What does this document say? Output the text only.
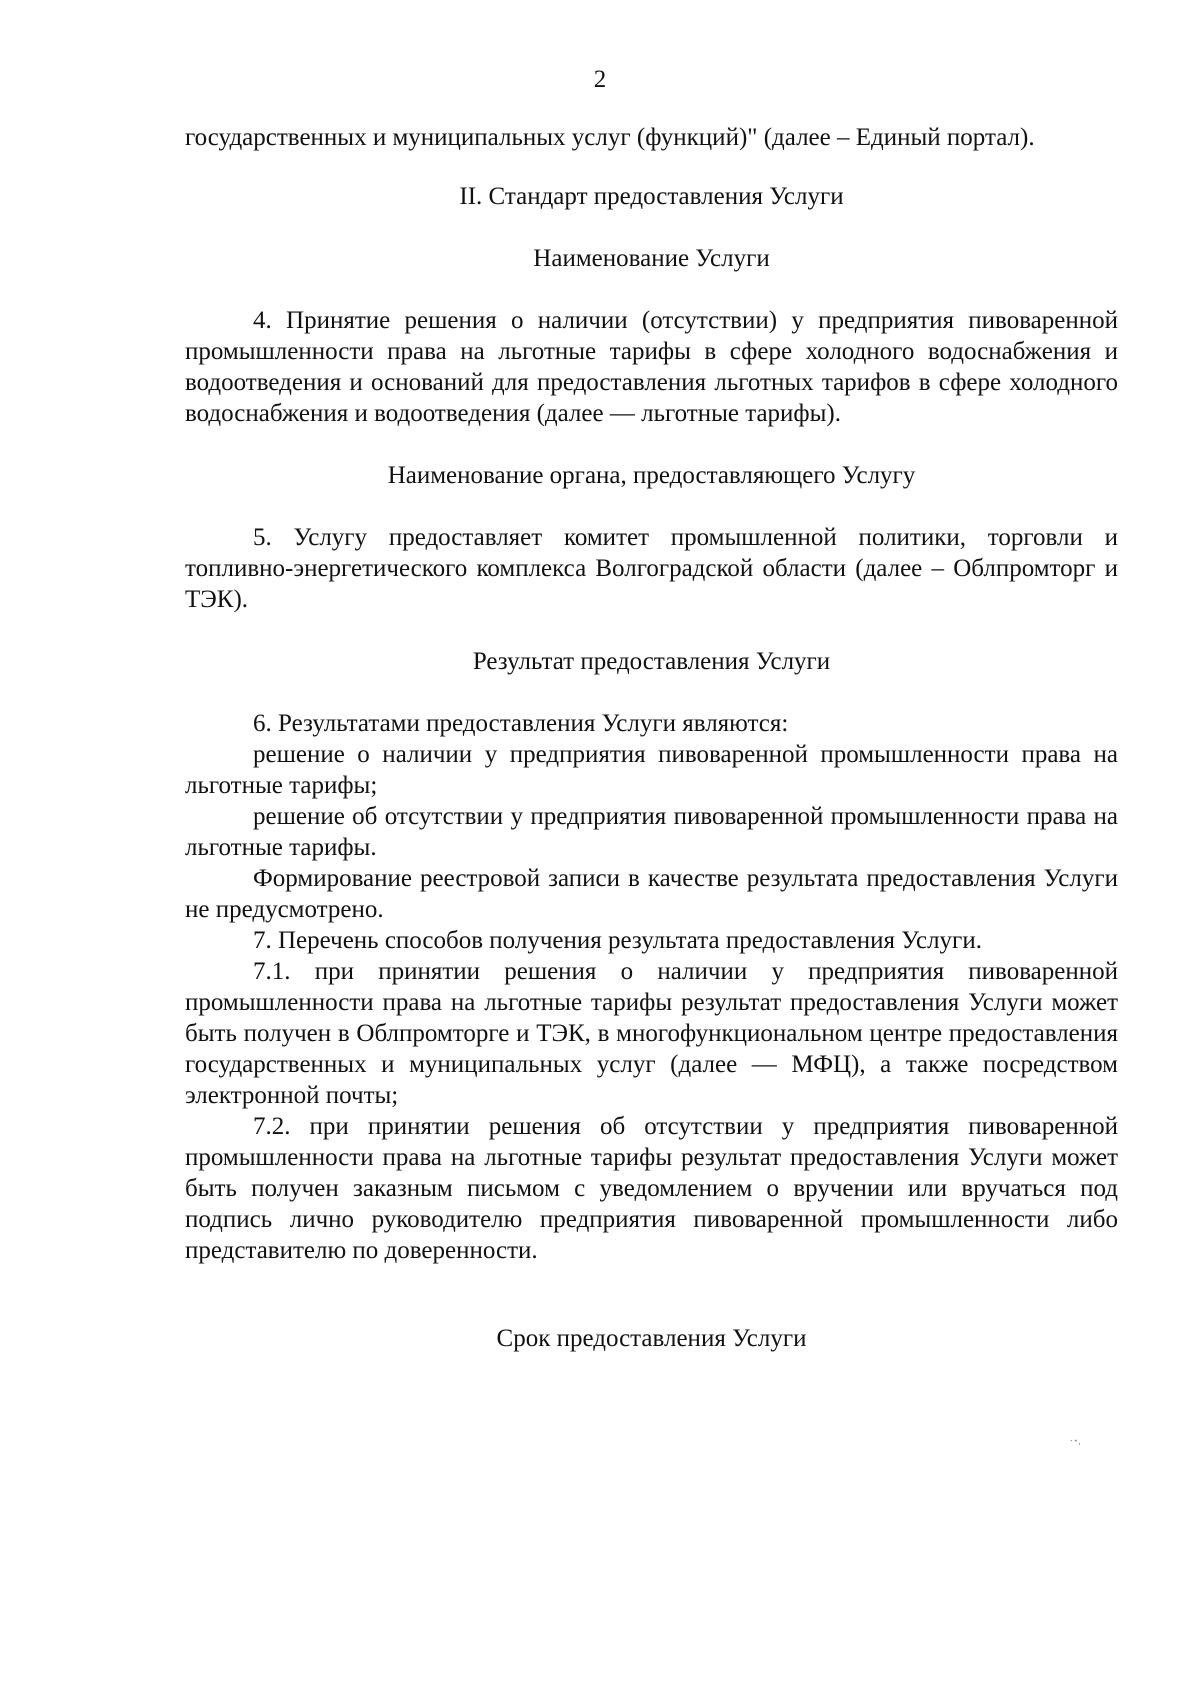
2

государственных и муниципальных услуг (функций)" (далее – Единый портал).

II. Стандарт предоставления Услуги

Наименование Услуги

4. Принятие решения о наличии (отсутствии) у предприятия пивоваренной промышленности права на льготные тарифы в сфере холодного водоснабжения и водоотведения и оснований для предоставления льготных тарифов в сфере холодного водоснабжения и водоотведения (далее — льготные тарифы).

Наименование органа, предоставляющего Услугу

5. Услугу предоставляет комитет промышленной политики, торговли и топливно-энергетического комплекса Волгоградской области (далее – Облпромторг и ТЭК).

Результат предоставления Услуги

6. Результатами предоставления Услуги являются:

решение о наличии у предприятия пивоваренной промышленности права на льготные тарифы;

решение об отсутствии у предприятия пивоваренной промышленности права на льготные тарифы.

Формирование реестровой записи в качестве результата предоставления Услуги не предусмотрено.

7. Перечень способов получения результата предоставления Услуги.

7.1. при принятии решения о наличии у предприятия пивоваренной промышленности права на льготные тарифы результат предоставления Услуги может быть получен в Облпромторге и ТЭК, в многофункциональном центре предоставления государственных и муниципальных услуг (далее — МФЦ), а также посредством электронной почты;

7.2. при принятии решения об отсутствии у предприятия пивоваренной промышленности права на льготные тарифы результат предоставления Услуги может быть получен заказным письмом с уведомлением о вручении или вручаться под подпись лично руководителю предприятия пивоваренной промышленности либо представителю по доверенности.

Срок предоставления Услуги

˙ˇ·
